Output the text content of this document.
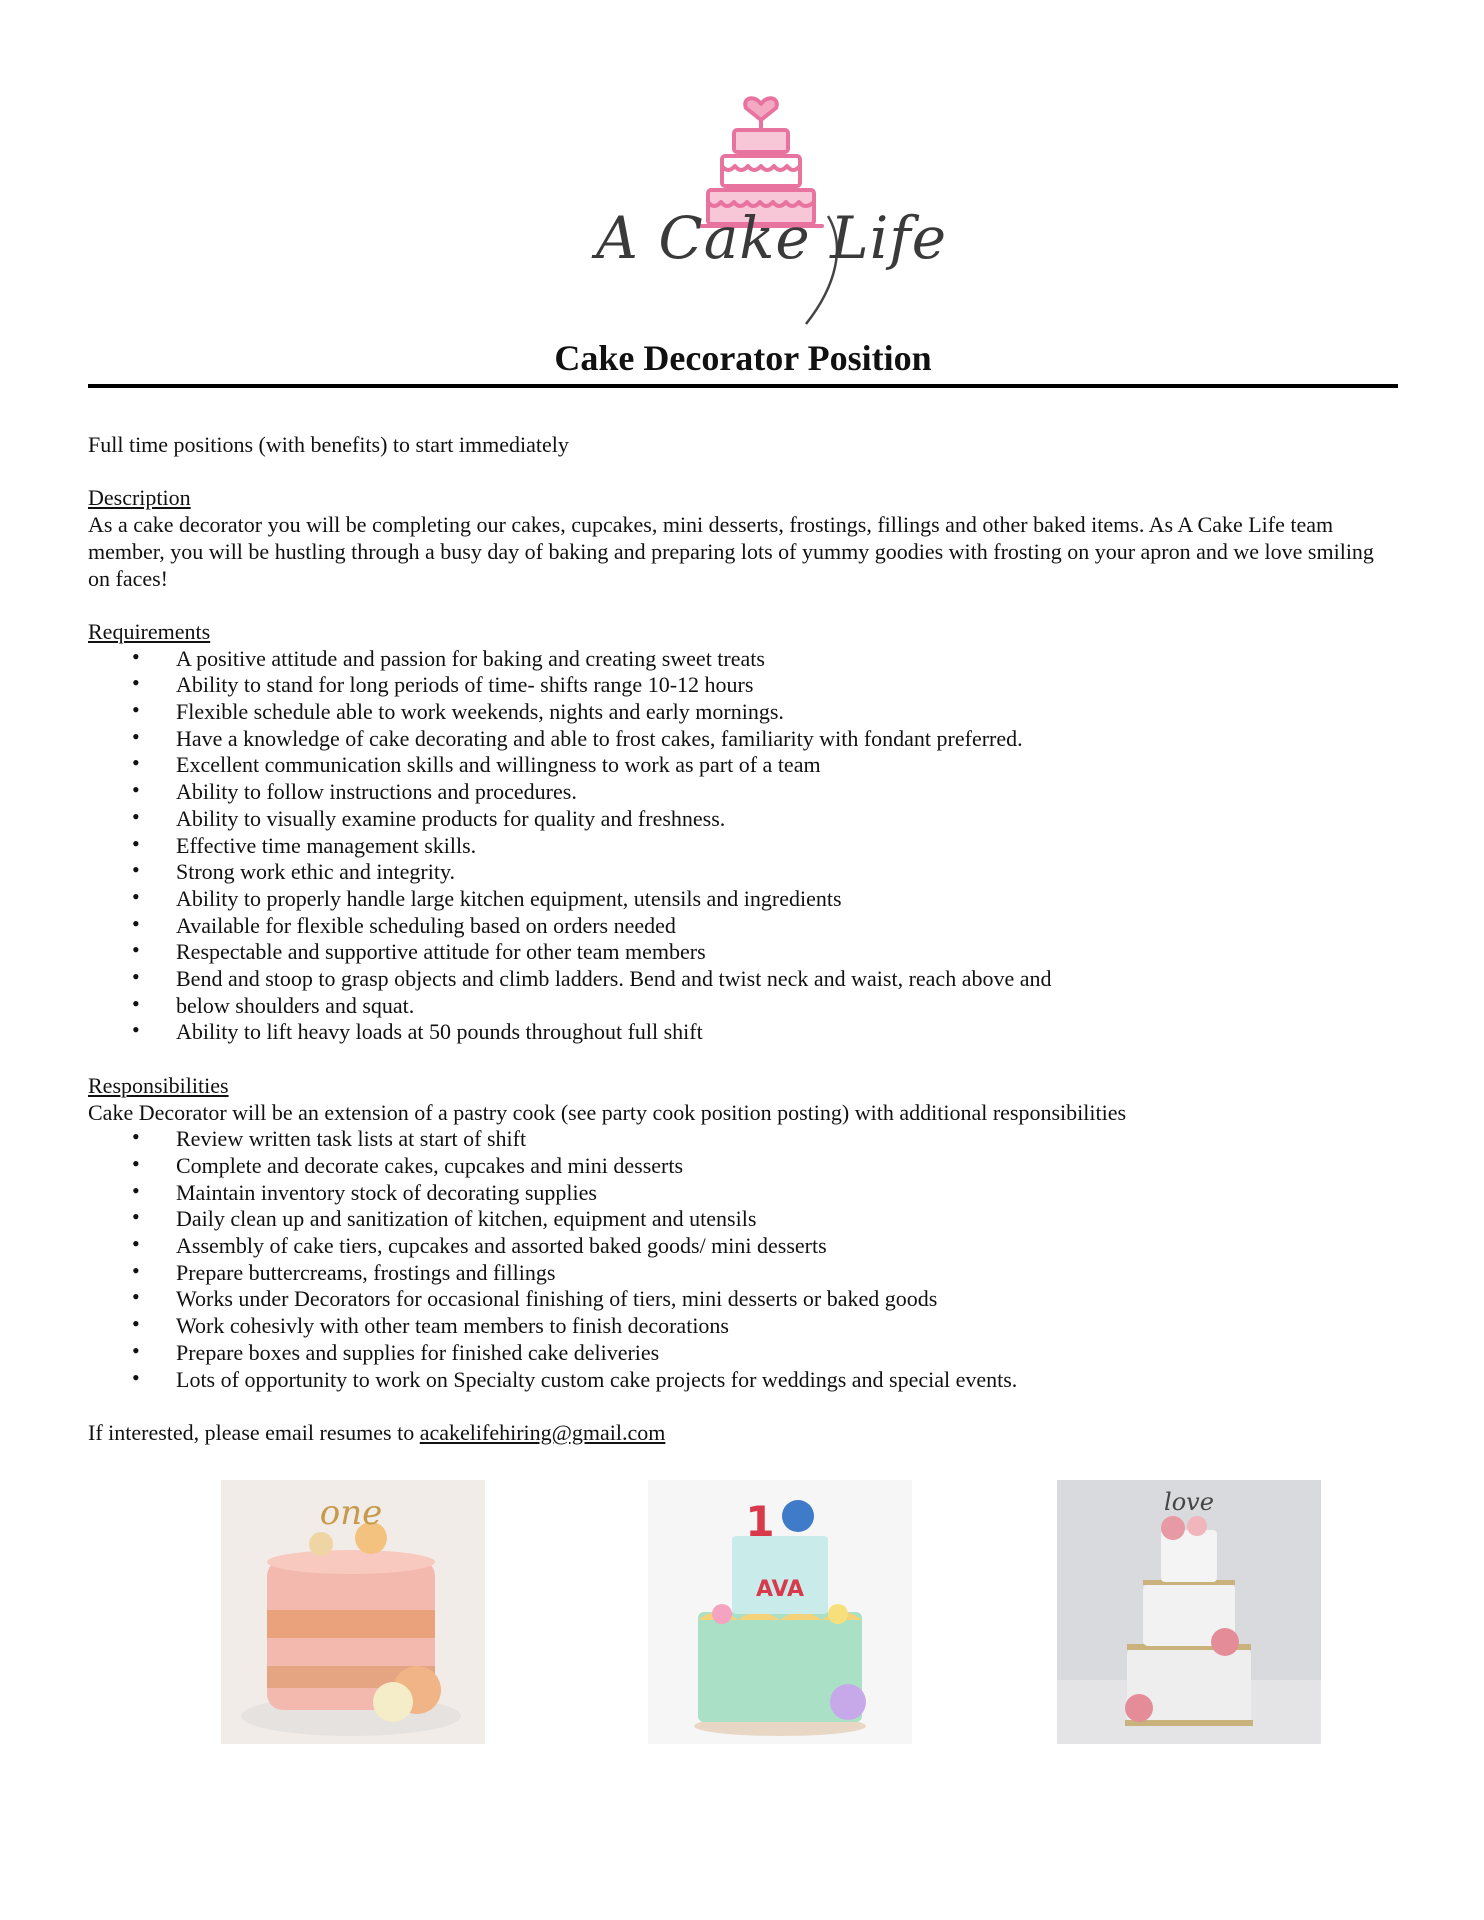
A Cake Life
Cake Decorator Position

Full time positions (with benefits) to start immediately

Description

As a cake decorator you will be completing our cakes, cupcakes, mini desserts, frostings, fillings and other baked items. As A Cake Life team member, you will be hustling through a busy day of baking and preparing lots of yummy goodies with frosting on your apron and we love smiling on faces!

Requirements

• A positive attitude and passion for baking and creating sweet treats
• Ability to stand for long periods of time- shifts range 10-12 hours
• Flexible schedule able to work weekends, nights and early mornings.
• Have a knowledge of cake decorating and able to frost cakes, familiarity with fondant preferred.
• Excellent communication skills and willingness to work as part of a team
• Ability to follow instructions and procedures.
• Ability to visually examine products for quality and freshness.
• Effective time management skills.
• Strong work ethic and integrity.
• Ability to properly handle large kitchen equipment, utensils and ingredients
• Available for flexible scheduling based on orders needed
• Respectable and supportive attitude for other team members
• Bend and stoop to grasp objects and climb ladders. Bend and twist neck and waist, reach above and
• below shoulders and squat.
• Ability to lift heavy loads at 50 pounds throughout full shift

Responsibilities

Cake Decorator will be an extension of a pastry cook (see party cook position posting) with additional responsibilities

• Review written task lists at start of shift
• Complete and decorate cakes, cupcakes and mini desserts
• Maintain inventory stock of decorating supplies
• Daily clean up and sanitization of kitchen, equipment and utensils
• Assembly of cake tiers, cupcakes and assorted baked goods/ mini desserts
• Prepare buttercreams, frostings and fillings
• Works under Decorators for occasional finishing of tiers, mini desserts or baked goods
• Work cohesivly with other team members to finish decorations
• Prepare boxes and supplies for finished cake deliveries
• Lots of opportunity to work on Specialty custom cake projects for weddings and special events.

If interested, please email resumes to acakelifehiring@gmail.com

one	1
AVA
love
